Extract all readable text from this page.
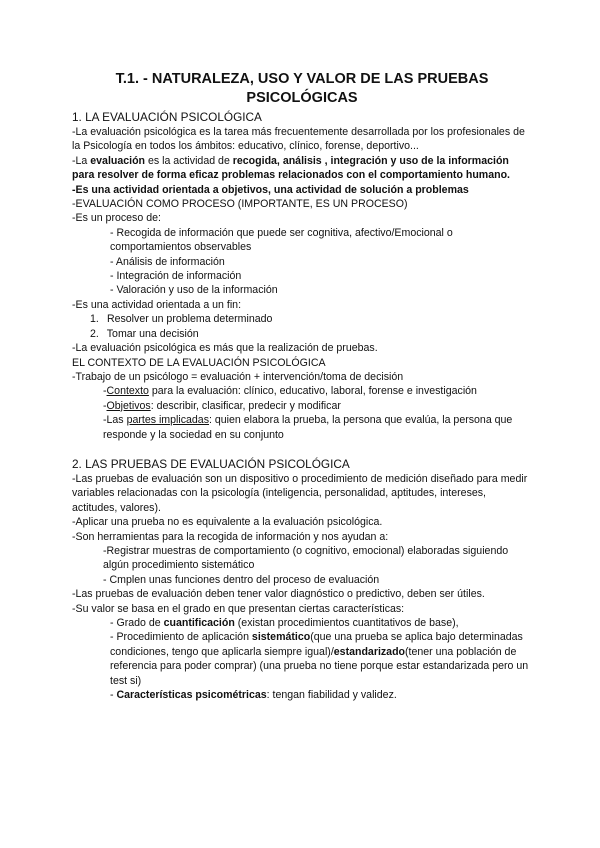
T.1. - NATURALEZA, USO Y VALOR DE LAS PRUEBAS PSICOLÓGICAS

1. LA EVALUACIÓN PSICOLÓGICA

-La evaluación psicológica es la tarea más frecuentemente desarrollada por los profesionales de la Psicología en todos los ámbitos: educativo, clínico, forense, deportivo...

-La evaluación es la actividad de recogida, análisis , integración y uso de la información para resolver de forma eficaz problemas relacionados con el comportamiento humano.

-Es una actividad orientada a objetivos, una actividad de solución a problemas

-EVALUACIÓN COMO PROCESO (IMPORTANTE, ES UN PROCESO)

-Es un proceso de:

- Recogida de información que puede ser cognitiva, afectivo/Emocional o comportamientos observables

- Análisis de información

- Integración de información

- Valoración y uso de la información

-Es una actividad orientada a un fin:

1. Resolver un problema determinado

2. Tomar una decisión

-La evaluación psicológica es más que la realización de pruebas.

EL CONTEXTO DE LA EVALUACIÓN PSICOLÓGICA

-Trabajo de un psicólogo = evaluación + intervención/toma de decisión

-Contexto para la evaluación: clínico, educativo, laboral, forense e investigación

-Objetivos: describir, clasificar, predecir y modificar

-Las partes implicadas: quien elabora la prueba, la persona que evalúa, la persona que responde y la sociedad en su conjunto

2. LAS PRUEBAS DE EVALUACIÓN PSICOLÓGICA

-Las pruebas de evaluación son un dispositivo o procedimiento de medición diseñado para medir variables relacionadas con la psicología (inteligencia, personalidad, aptitudes, intereses, actitudes, valores).

-Aplicar una prueba no es equivalente a la evaluación psicológica.

-Son herramientas para la recogida de información y nos ayudan a:

-Registrar muestras de comportamiento (o cognitivo, emocional) elaboradas siguiendo algún procedimiento sistemático

- Cmplen unas funciones dentro del proceso de evaluación

-Las pruebas de evaluación deben tener valor diagnóstico o predictivo, deben ser útiles.

-Su valor se basa en el grado en que presentan ciertas características:

- Grado de cuantificación (existan procedimientos cuantitativos de base),

- Procedimiento de aplicación sistemático(que una prueba se aplica bajo determinadas condiciones, tengo que aplicarla siempre igual)/estandarizado(tener una población de referencia para poder comprar) (una prueba no tiene porque estar estandarizada pero un test si)

- Características psicométricas: tengan fiabilidad y validez.
